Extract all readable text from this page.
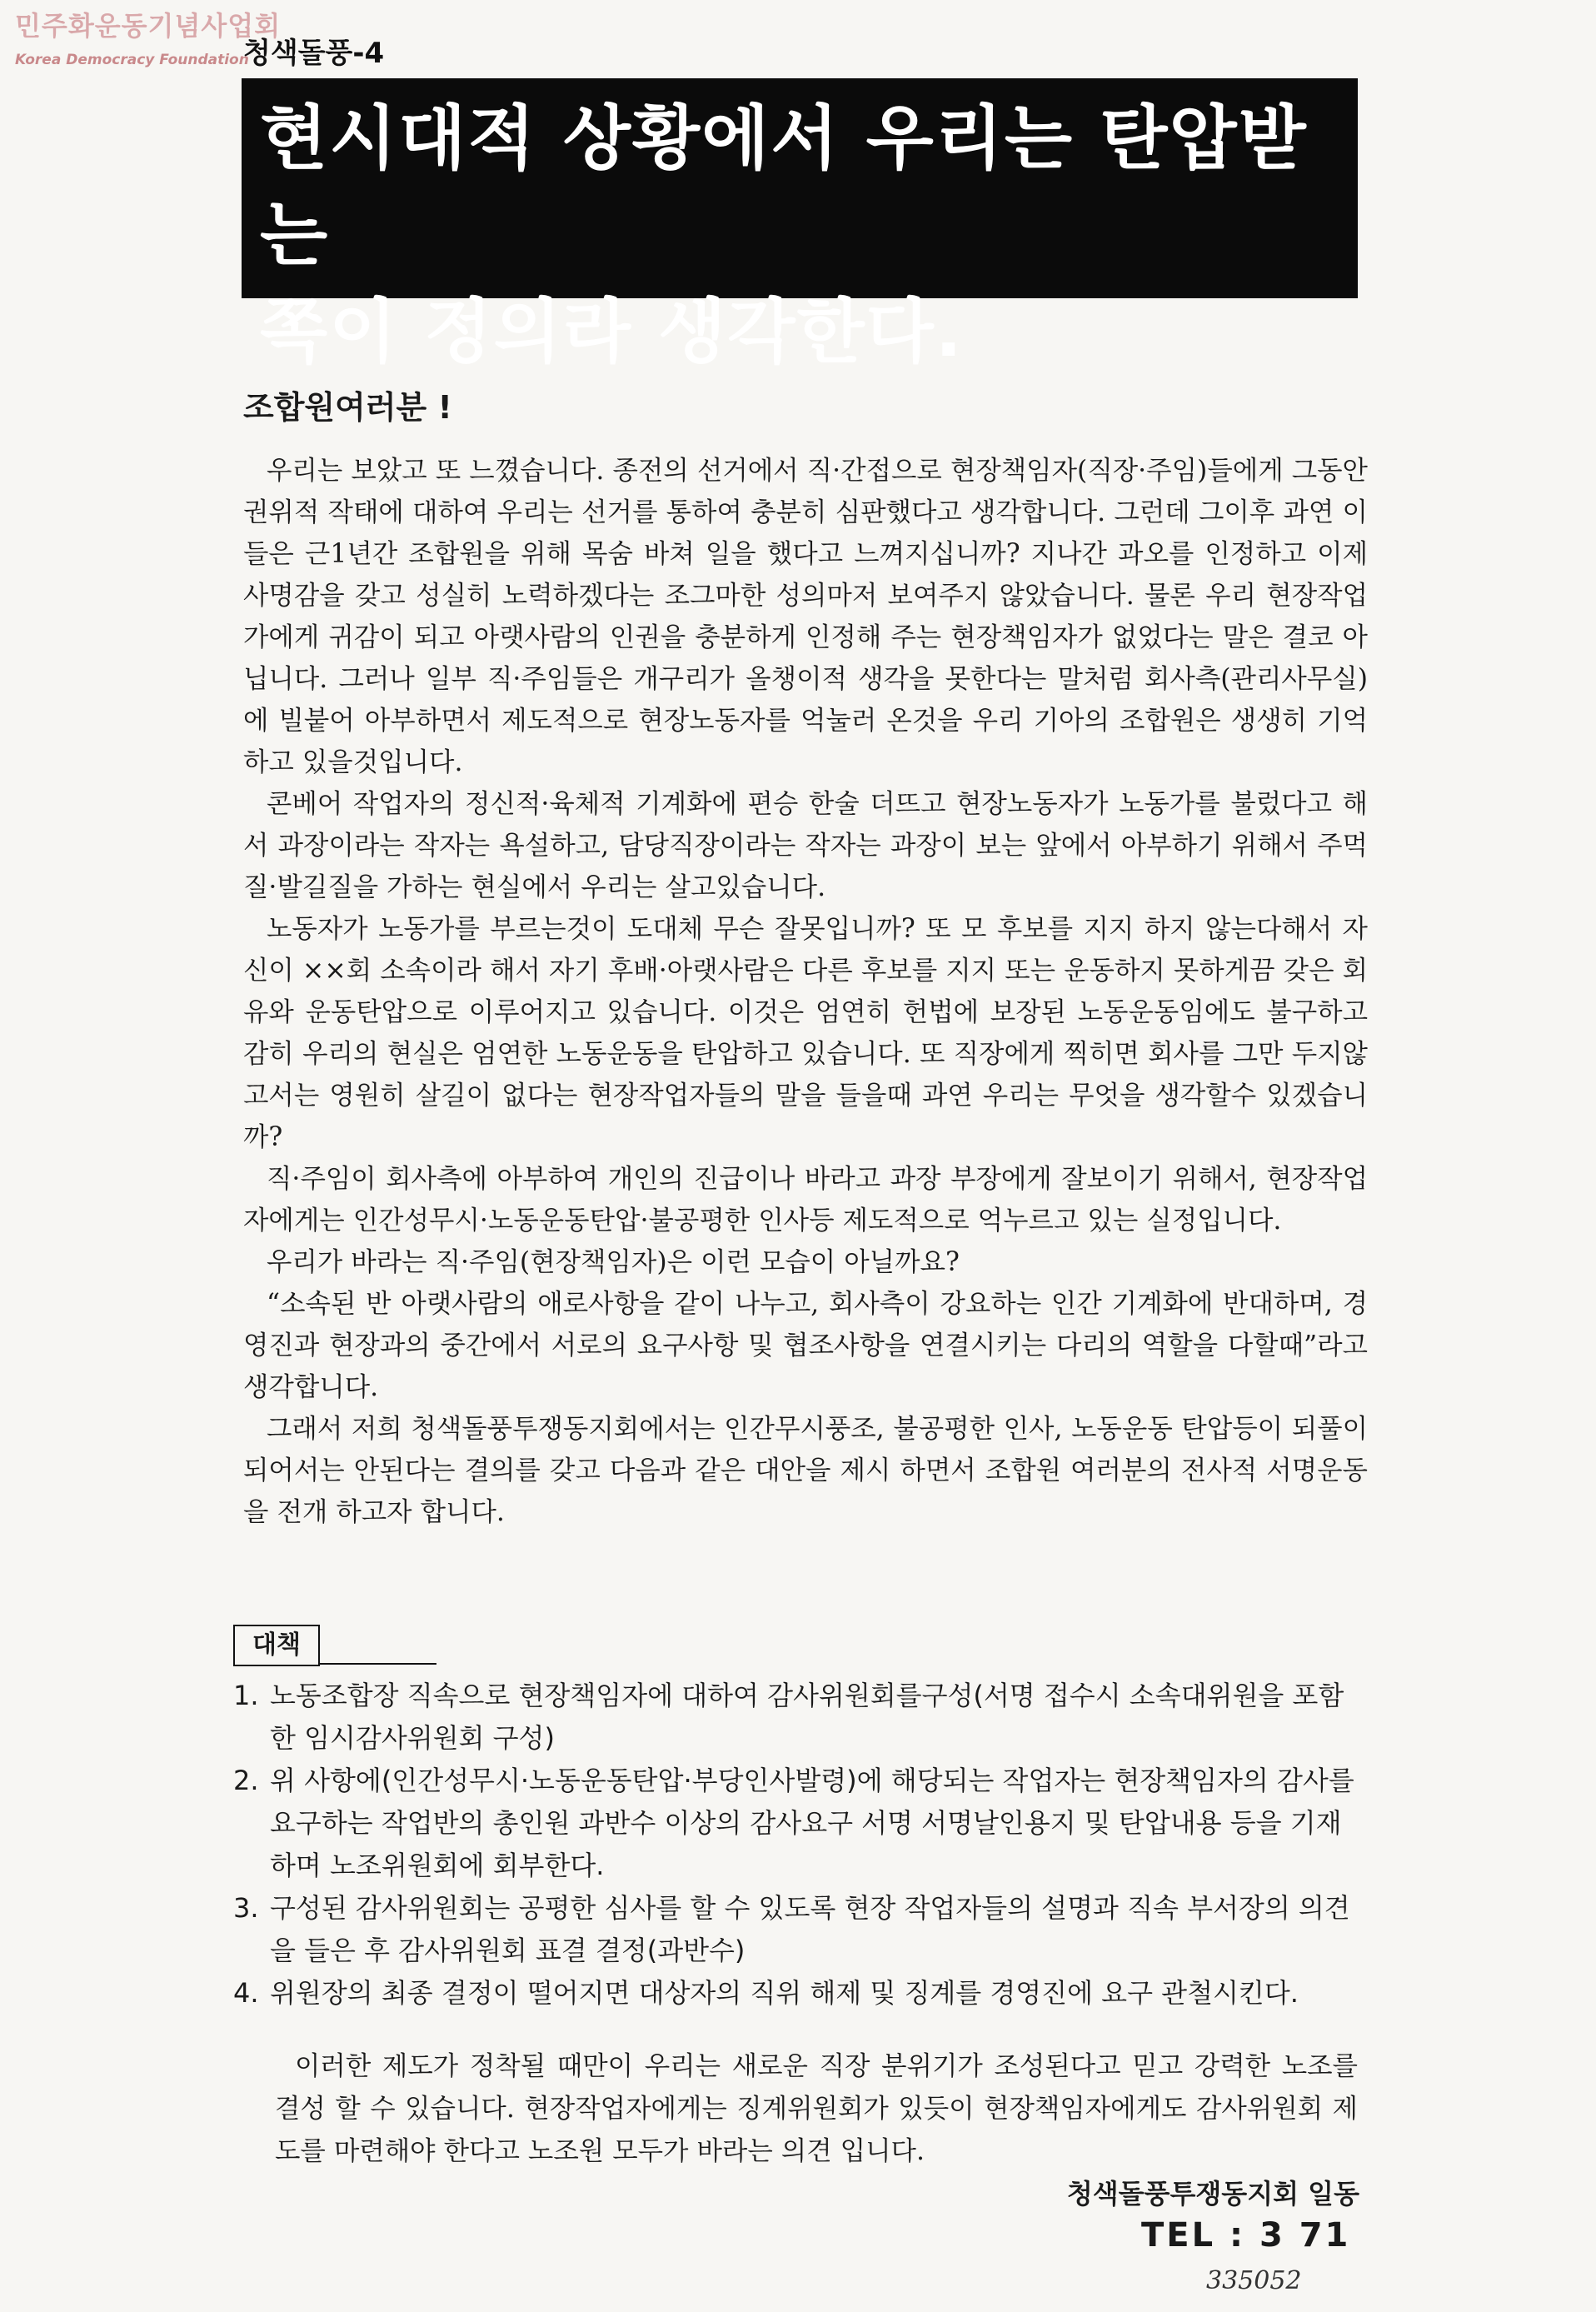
민주화운동기념사업회
Korea Democracy Foundation
청색돌풍-4
현시대적 상황에서 우리는 탄압받는
쪽이 정의라 생각한다.
조합원여러분 !

우리는 보았고 또 느꼈습니다. 종전의 선거에서 직·간접으로 현장책임자(직장·주임)들에게 그동안 권위적 작태에 대하여 우리는 선거를 통하여 충분히 심판했다고 생각합니다. 그런데 그이후 과연 이들은 근1년간 조합원을 위해 목숨 바쳐 일을 했다고 느껴지십니까? 지나간 과오를 인정하고 이제 사명감을 갖고 성실히 노력하겠다는 조그마한 성의마저 보여주지 않았습니다. 물론 우리 현장작업가에게 귀감이 되고 아랫사람의 인권을 충분하게 인정해 주는 현장책임자가 없었다는 말은 결코 아닙니다. 그러나 일부 직·주임들은 개구리가 올챙이적 생각을 못한다는 말처럼 회사측(관리사무실)에 빌붙어 아부하면서 제도적으로 현장노동자를 억눌러 온것을 우리 기아의 조합원은 생생히 기억하고 있을것입니다.

콘베어 작업자의 정신적·육체적 기계화에 편승 한술 더뜨고 현장노동자가 노동가를 불렀다고 해서 과장이라는 작자는 욕설하고, 담당직장이라는 작자는 과장이 보는 앞에서 아부하기 위해서 주먹질·발길질을 가하는 현실에서 우리는 살고있습니다.

노동자가 노동가를 부르는것이 도대체 무슨 잘못입니까? 또 모 후보를 지지 하지 않는다해서 자신이 ××회 소속이라 해서 자기 후배·아랫사람은 다른 후보를 지지 또는 운동하지 못하게끔 갖은 회유와 운동탄압으로 이루어지고 있습니다. 이것은 엄연히 헌법에 보장된 노동운동임에도 불구하고 감히 우리의 현실은 엄연한 노동운동을 탄압하고 있습니다. 또 직장에게 찍히면 회사를 그만 두지않고서는 영원히 살길이 없다는 현장작업자들의 말을 들을때 과연 우리는 무엇을 생각할수 있겠습니까?

직·주임이 회사측에 아부하여 개인의 진급이나 바라고 과장 부장에게 잘보이기 위해서, 현장작업자에게는 인간성무시·노동운동탄압·불공평한 인사등 제도적으로 억누르고 있는 실정입니다.

우리가 바라는 직·주임(현장책임자)은 이런 모습이 아닐까요?

“소속된 반 아랫사람의 애로사항을 같이 나누고, 회사측이 강요하는 인간 기계화에 반대하며, 경영진과 현장과의 중간에서 서로의 요구사항 및 협조사항을 연결시키는 다리의 역할을 다할때”라고 생각합니다.

그래서 저희 청색돌풍투쟁동지회에서는 인간무시풍조, 불공평한 인사, 노동운동 탄압등이 되풀이 되어서는 안된다는 결의를 갖고 다음과 같은 대안을 제시 하면서 조합원 여러분의 전사적 서명운동을 전개 하고자 합니다.

대책
1. 노동조합장 직속으로 현장책임자에 대하여 감사위원회를구성(서명 접수시 소속대위원을 포함한 임시감사위원회 구성)
2. 위 사항에(인간성무시·노동운동탄압·부당인사발령)에 해당되는 작업자는 현장책임자의 감사를 요구하는 작업반의 총인원 과반수 이상의 감사요구 서명 서명날인용지 및 탄압내용 등을 기재하며 노조위원회에 회부한다.
3. 구성된 감사위원회는 공평한 심사를 할 수 있도록 현장 작업자들의 설명과 직속 부서장의 의견을 들은 후 감사위원회 표결 결정(과반수)
4. 위원장의 최종 결정이 떨어지면 대상자의 직위 해제 및 징계를 경영진에 요구 관철시킨다.

이러한 제도가 정착될 때만이 우리는 새로운 직장 분위기가 조성된다고 믿고 강력한 노조를 결성 할 수 있습니다. 현장작업자에게는 징계위원회가 있듯이 현장책임자에게도 감사위원회 제도를 마련해야 한다고 노조원 모두가 바라는 의견 입니다.

청색돌풍투쟁동지회 일동
TEL : 3 71
335052
